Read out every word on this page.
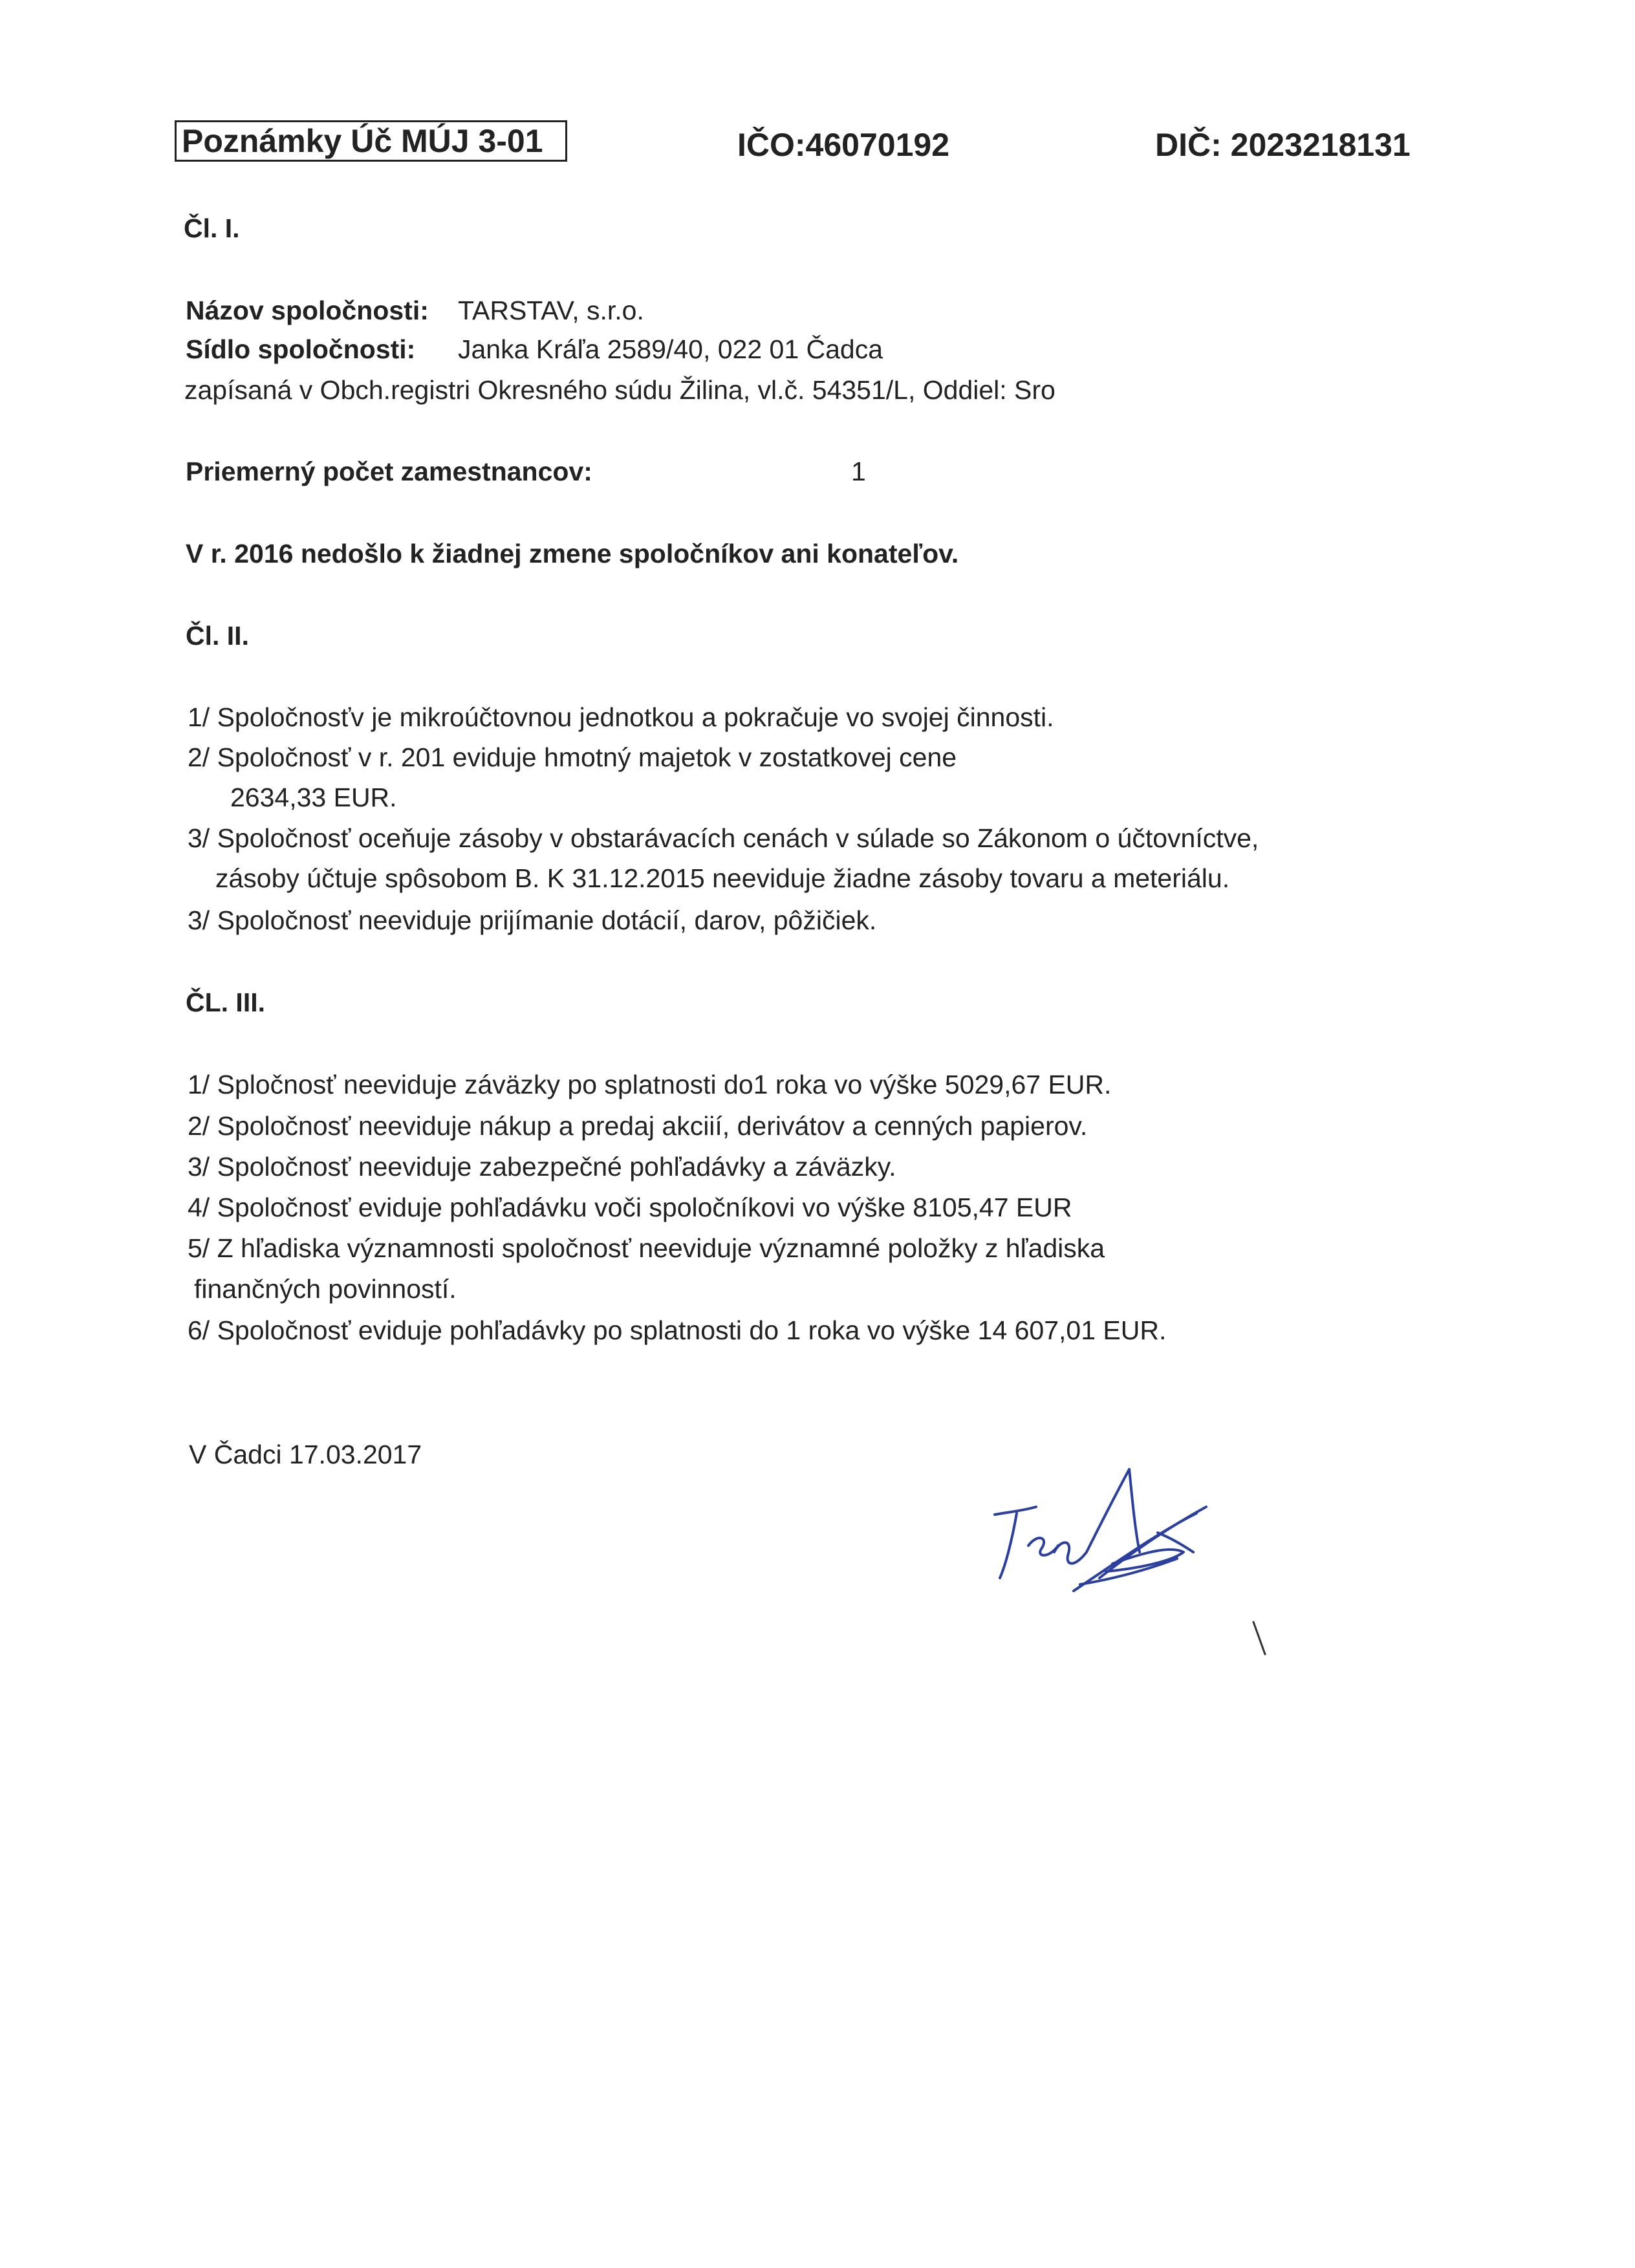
Poznámky Úč MÚJ 3-01	IČO:46070192	DIČ: 2023218131
Čl. I.
Názov spoločnosti: TARSTAV, s.r.o.
Sídlo spoločnosti: Janka Kráľa 2589/40, 022 01 Čadca
zapísaná v Obch.registri Okresného súdu Žilina, vl.č. 54351/L, Oddiel: Sro
Priemerný počet zamestnancov:	1
V r. 2016 nedošlo k žiadnej zmene spoločníkov ani konateľov.
Čl. II.
1/ Spoločnosťv je mikroúčtovnou jednotkou a pokračuje vo svojej činnosti.
2/ Spoločnosť v r. 201 eviduje hmotný majetok v zostatkovej cene
2634,33 EUR.
3/ Spoločnosť oceňuje zásoby v obstarávacích cenách v súlade so Zákonom o účtovníctve,
zásoby účtuje spôsobom B. K 31.12.2015 neeviduje žiadne zásoby tovaru a meteriálu.
3/ Spoločnosť neeviduje prijímanie dotácií, darov, pôžičiek.
ČL. III.
1/ Spločnosť neeviduje záväzky po splatnosti do1 roka vo výške 5029,67 EUR.
2/ Spoločnosť neeviduje nákup a predaj akciií, derivátov a cenných papierov.
3/ Spoločnosť neeviduje zabezpečné pohľadávky a záväzky.
4/ Spoločnosť eviduje pohľadávku voči spoločníkovi vo výške 8105,47 EUR
5/ Z hľadiska významnosti spoločnosť neeviduje významné položky z hľadiska
finančných povinností.
6/ Spoločnosť eviduje pohľadávky po splatnosti do 1 roka vo výške 14 607,01 EUR.
V Čadci 17.03.2017
